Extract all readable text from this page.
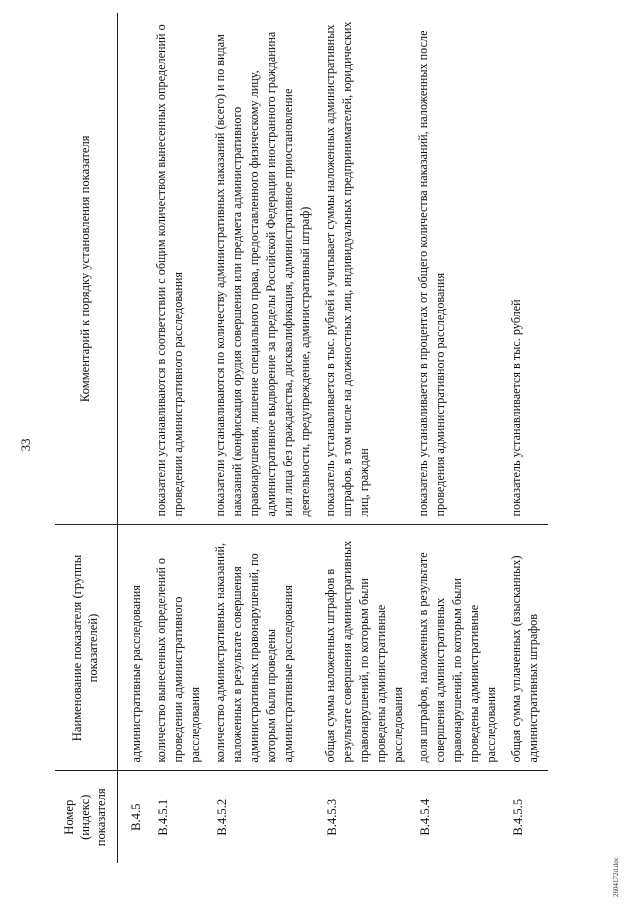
33
Номер (индекс) показателя	Наименование показателя (группы показателей)	Комментарий к порядку установления показателя
B.4.5	административные расследования	
B.4.5.1	количество вынесенных определений о проведении административного расследования	показатели устанавливаются в соответствии с общим количеством вынесенных определений о проведении административного расследования
B.4.5.2	количество административных наказаний, наложенных в результате совершения административных правонарушений, по которым были проведены административные расследования	показатели устанавливаются по количеству административных наказаний (всего) и по видам наказаний (конфискация орудия совершения или предмета административного правонарушения, лишение специального права, предоставленного физическому лицу, административное выдворение за пределы Российской Федерации иностранного гражданина или лица без гражданства, дисквалификация, административное приостановление деятельности, предупреждение, административный штраф)
B.4.5.3	общая сумма наложенных штрафов в результате совершения административных правонарушений, по которым были проведены административные расследования	показатель устанавливается в тыс. рублей и учитывает суммы наложенных административных штрафов, в том числе на должностных лиц, индивидуальных предпринимателей, юридических лиц, граждан
B.4.5.4	доля штрафов, наложенных в результате совершения административных правонарушений, по которым были проведены административные расследования	показатель устанавливается в процентах от общего количества наказаний, наложенных после проведения административного расследования
B.4.5.5	общая сумма уплаченных (взысканных) административных штрафов	показатель устанавливается в тыс. рублей
2604172d.doc
